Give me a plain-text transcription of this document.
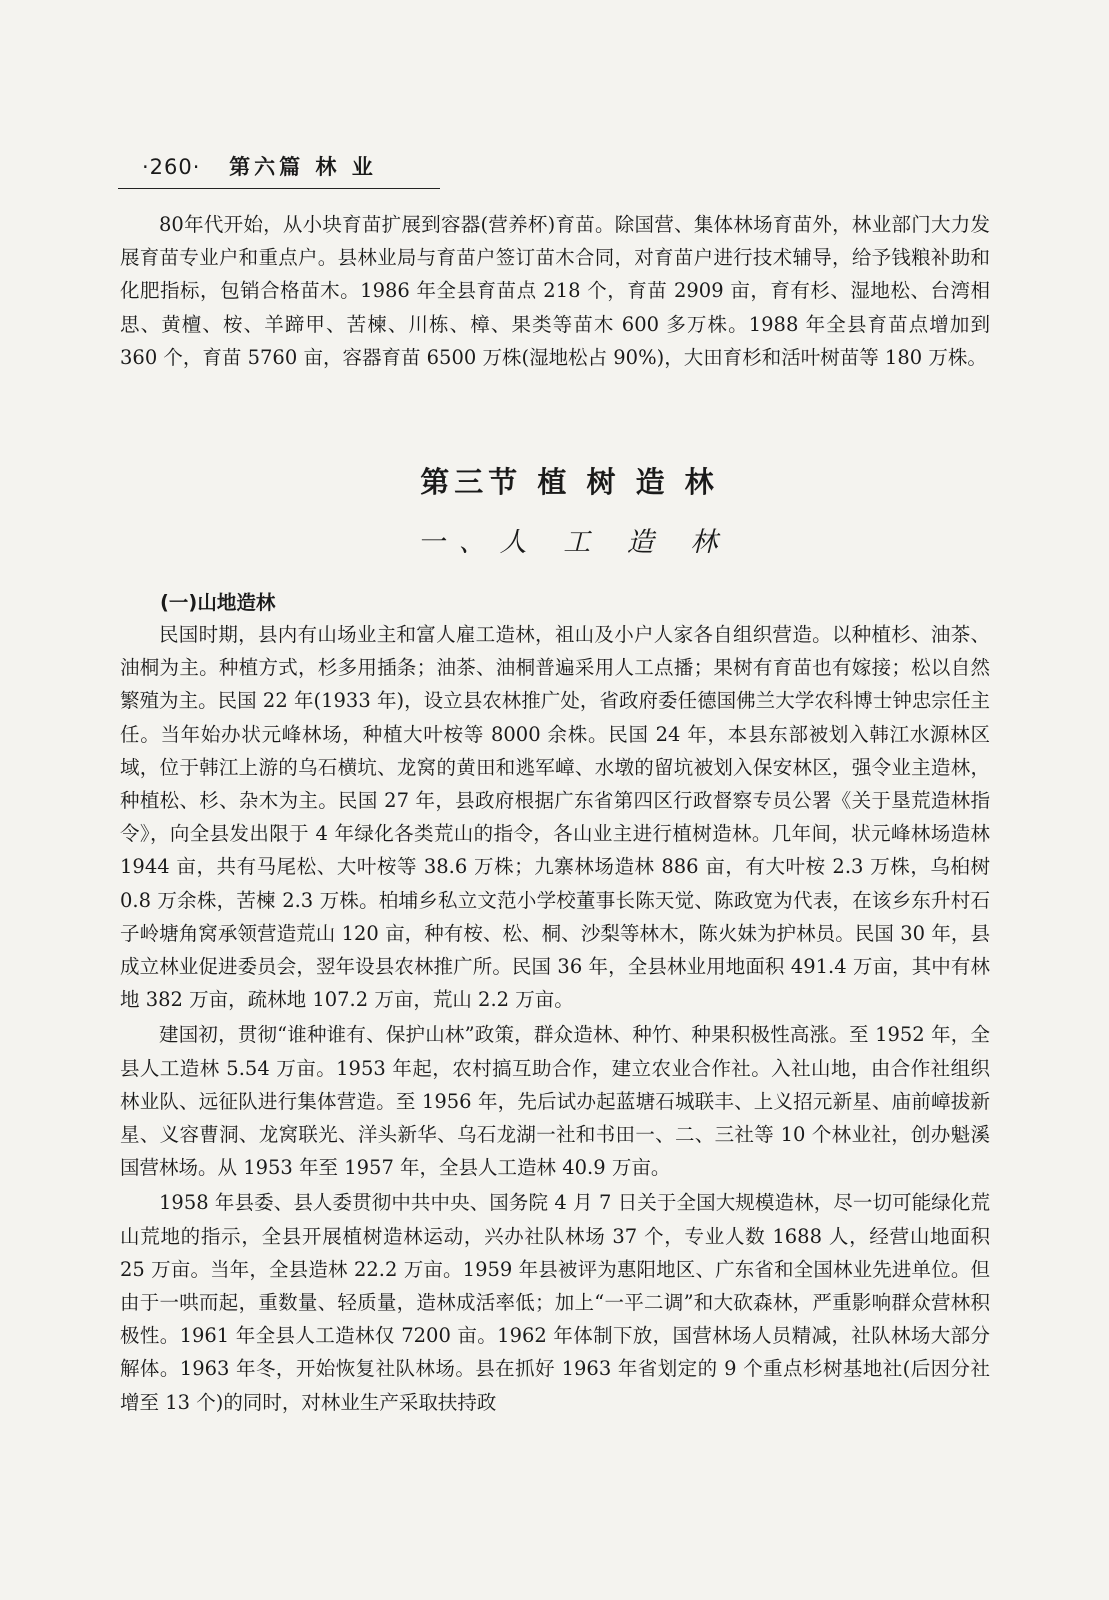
·260· 第六篇 林 业

80年代开始，从小块育苗扩展到容器(营养杯)育苗。除国营、集体林场育苗外，林业部门大力发展育苗专业户和重点户。县林业局与育苗户签订苗木合同，对育苗户进行技术辅导，给予钱粮补助和化肥指标，包销合格苗木。1986 年全县育苗点 218 个，育苗 2909 亩，育有杉、湿地松、台湾相思、黄檀、桉、羊蹄甲、苦楝、川栋、樟、果类等苗木 600 多万株。1988 年全县育苗点增加到 360 个，育苗 5760 亩，容器育苗 6500 万株(湿地松占 90%)，大田育杉和活叶树苗等 180 万株。

第三节 植 树 造 林
一、人 工 造 林
(一)山地造林

民国时期，县内有山场业主和富人雇工造林，祖山及小户人家各自组织营造。以种植杉、油茶、油桐为主。种植方式，杉多用插条；油茶、油桐普遍采用人工点播；果树有育苗也有嫁接；松以自然繁殖为主。民国 22 年(1933 年)，设立县农林推广处，省政府委任德国佛兰大学农科博士钟忠宗任主任。当年始办状元峰林场，种植大叶桉等 8000 余株。民国 24 年，本县东部被划入韩江水源林区域，位于韩江上游的乌石横坑、龙窝的黄田和逃军嶂、水墩的留坑被划入保安林区，强令业主造林，种植松、杉、杂木为主。民国 27 年，县政府根据广东省第四区行政督察专员公署《关于垦荒造林指令》，向全县发出限于 4 年绿化各类荒山的指令，各山业主进行植树造林。几年间，状元峰林场造林 1944 亩，共有马尾松、大叶桉等 38.6 万株；九寨林场造林 886 亩，有大叶桉 2.3 万株，乌桕树 0.8 万余株，苦楝 2.3 万株。柏埔乡私立文范小学校董事长陈天觉、陈政宽为代表，在该乡东升村石子岭塘角窝承领营造荒山 120 亩，种有桉、松、桐、沙梨等林木，陈火妹为护林员。民国 30 年，县成立林业促进委员会，翌年设县农林推广所。民国 36 年，全县林业用地面积 491.4 万亩，其中有林地 382 万亩，疏林地 107.2 万亩，荒山 2.2 万亩。

建国初，贯彻“谁种谁有、保护山林”政策，群众造林、种竹、种果积极性高涨。至 1952 年，全县人工造林 5.54 万亩。1953 年起，农村搞互助合作，建立农业合作社。入社山地，由合作社组织林业队、远征队进行集体营造。至 1956 年，先后试办起蓝塘石城联丰、上义招元新星、庙前嶂拔新星、义容曹洞、龙窝联光、洋头新华、乌石龙湖一社和书田一、二、三社等 10 个林业社，创办魁溪国营林场。从 1953 年至 1957 年，全县人工造林 40.9 万亩。

1958 年县委、县人委贯彻中共中央、国务院 4 月 7 日关于全国大规模造林，尽一切可能绿化荒山荒地的指示，全县开展植树造林运动，兴办社队林场 37 个，专业人数 1688 人，经营山地面积 25 万亩。当年，全县造林 22.2 万亩。1959 年县被评为惠阳地区、广东省和全国林业先进单位。但由于一哄而起，重数量、轻质量，造林成活率低；加上“一平二调”和大砍森林，严重影响群众营林积极性。1961 年全县人工造林仅 7200 亩。1962 年体制下放，国营林场人员精减，社队林场大部分解体。1963 年冬，开始恢复社队林场。县在抓好 1963 年省划定的 9 个重点杉树基地社(后因分社增至 13 个)的同时，对林业生产采取扶持政
